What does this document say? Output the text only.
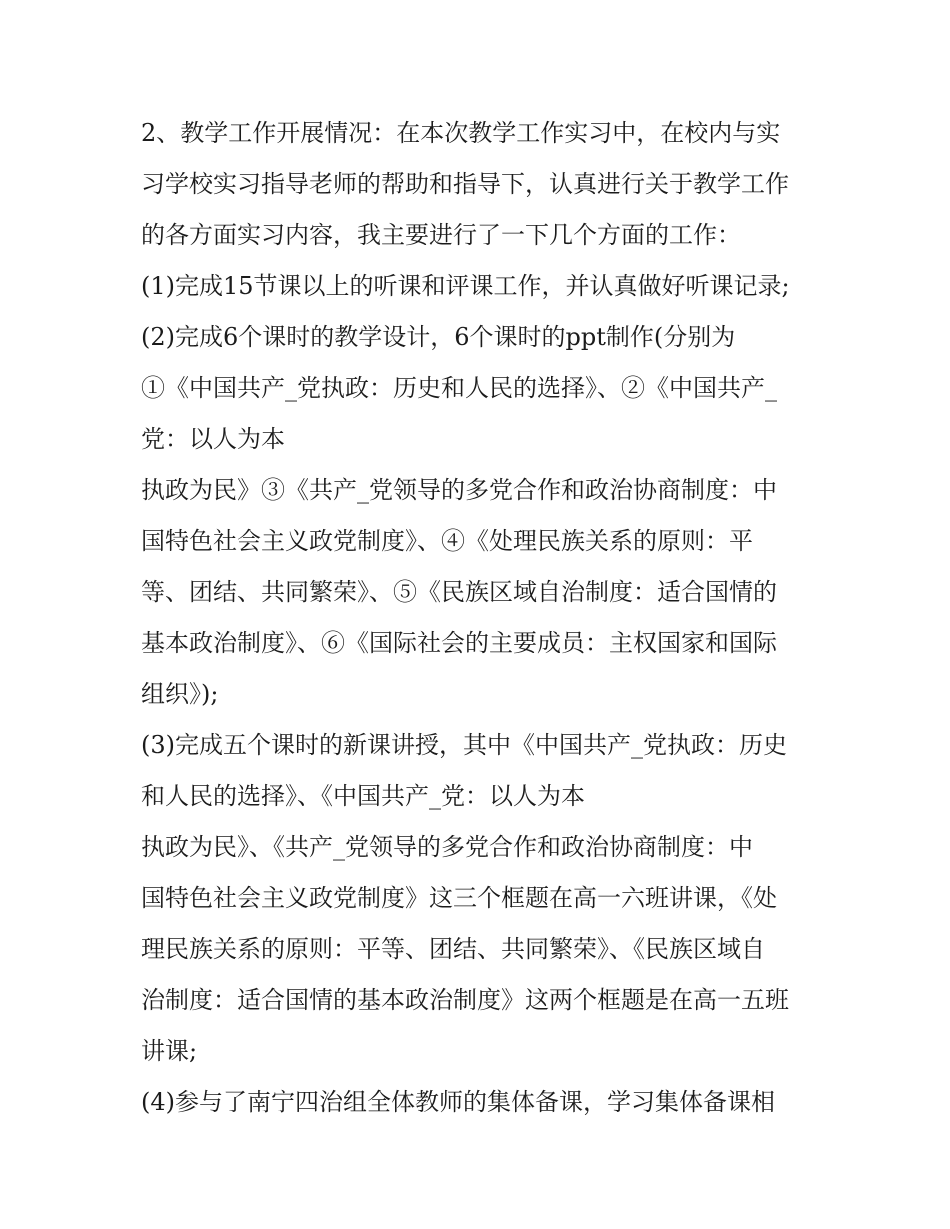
2、教学工作开展情况：在本次教学工作实习中，在校内与实
习学校实习指导老师的帮助和指导下，认真进行关于教学工作
的各方面实习内容，我主要进行了一下几个方面的工作：
(1)完成15节课以上的听课和评课工作，并认真做好听课记录;
(2)完成6个课时的教学设计，6个课时的ppt制作(分别为
①《中国共产_党执政：历史和人民的选择》、②《中国共产_
党：以人为本
执政为民》③《共产_党领导的多党合作和政治协商制度：中
国特色社会主义政党制度》、④《处理民族关系的原则：平
等、团结、共同繁荣》、⑤《民族区域自治制度：适合国情的
基本政治制度》、⑥《国际社会的主要成员：主权国家和国际
组织》);
(3)完成五个课时的新课讲授，其中《中国共产_党执政：历史
和人民的选择》、《中国共产_党：以人为本
执政为民》、《共产_党领导的多党合作和政治协商制度：中
国特色社会主义政党制度》这三个框题在高一六班讲课，《处
理民族关系的原则：平等、团结、共同繁荣》、《民族区域自
治制度：适合国情的基本政治制度》这两个框题是在高一五班
讲课;
(4)参与了南宁四治组全体教师的集体备课，学习集体备课相
